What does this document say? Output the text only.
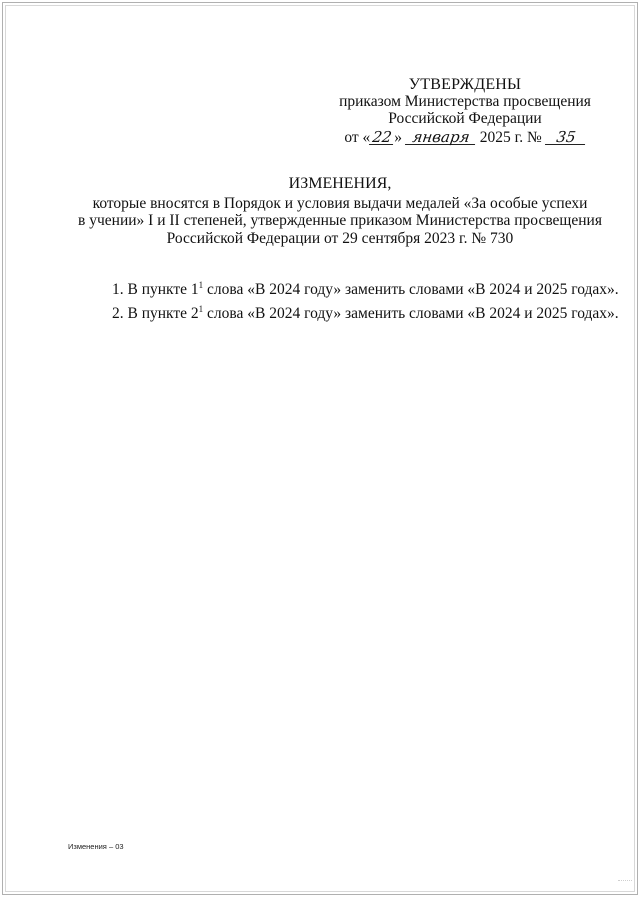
УТВЕРЖДЕНЫ
приказом Министерства просвещения
Российской Федерации
от «22» января 2025 г. № 35
ИЗМЕНЕНИЯ,
которые вносятся в Порядок и условия выдачи медалей «За особые успехи
в учении» I и II степеней, утвержденные приказом Министерства просвещения
Российской Федерации от 29 сентября 2023 г. № 730
1. В пункте $1^1$ слова «В 2024 году» заменить словами «В 2024 и 2025 годах».
2. В пункте $2^1$ слова «В 2024 году» заменить словами «В 2024 и 2025 годах».
Изменения – 03
